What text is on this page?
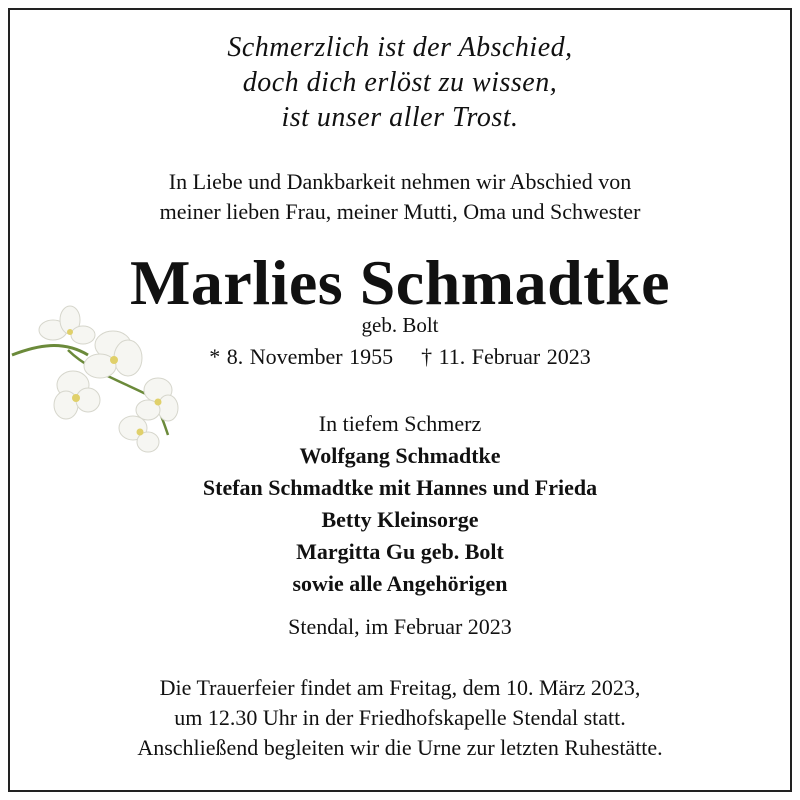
Schmerzlich ist der Abschied,
doch dich erlöst zu wissen,
ist unser aller Trost.
In Liebe und Dankbarkeit nehmen wir Abschied von
meiner lieben Frau, meiner Mutti, Oma und Schwester
Marlies Schmadtke
geb. Bolt
* 8. November 1955 † 11. Februar 2023
In tiefem Schmerz
Wolfgang Schmadtke
Stefan Schmadtke mit Hannes und Frieda
Betty Kleinsorge
Margitta Gu geb. Bolt
sowie alle Angehörigen
Stendal, im Februar 2023
Die Trauerfeier findet am Freitag, dem 10. März 2023,
um 12.30 Uhr in der Friedhofskapelle Stendal statt.
Anschließend begleiten wir die Urne zur letzten Ruhestätte.
